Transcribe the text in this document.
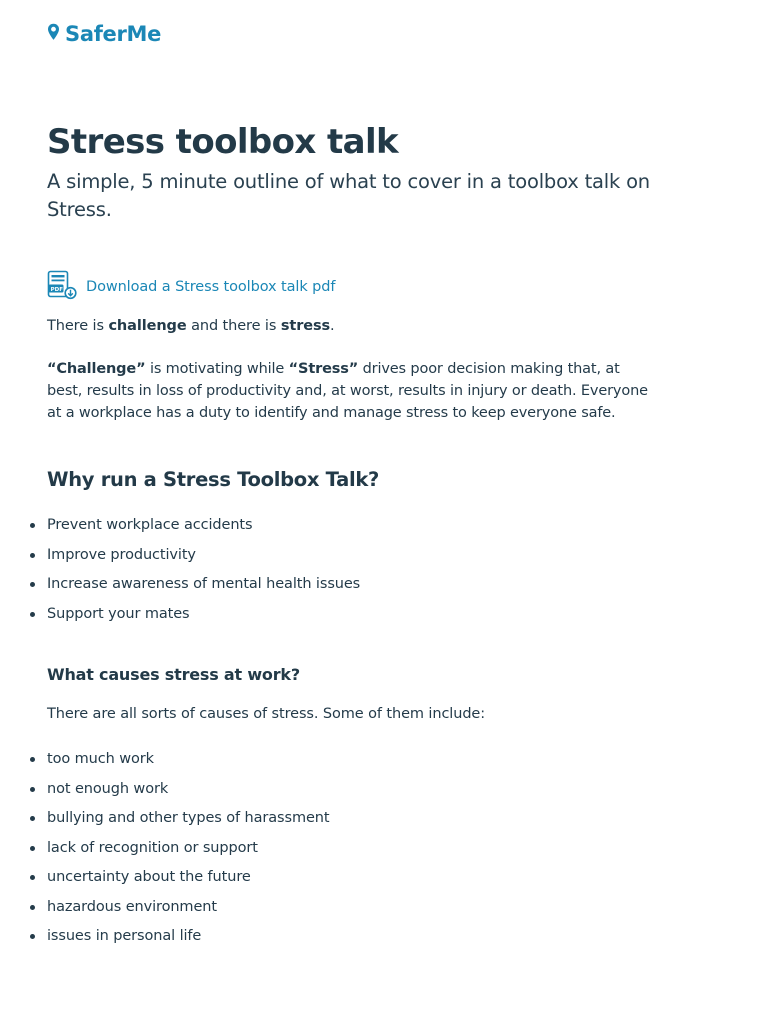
SaferMe
Stress toolbox talk

A simple, 5 minute outline of what to cover in a toolbox talk on Stress.

PDF Download a Stress toolbox talk pdf

There is challenge and there is stress.

“Challenge” is motivating while “Stress” drives poor decision making that, at best, results in loss of productivity and, at worst, results in injury or death. Everyone at a workplace has a duty to identify and manage stress to keep everyone safe.

Why run a Stress Toolbox Talk?
Prevent workplace accidents
Improve productivity
Increase awareness of mental health issues
Support your mates
What causes stress at work?

There are all sorts of causes of stress. Some of them include:

too much work
not enough work
bullying and other types of harassment
lack of recognition or support
uncertainty about the future
hazardous environment
issues in personal life
